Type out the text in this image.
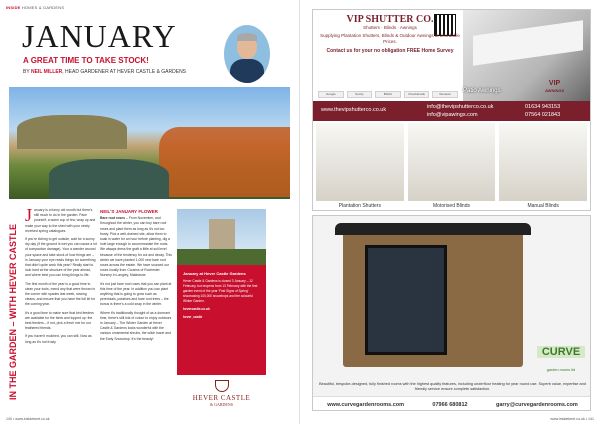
INSIDE HOMES & GARDENS
JANUARY
A GREAT TIME TO TAKE STOCK!
BY NEIL MILLER, HEAD GARDENER AT HEVER CASTLE & GARDENS
IN THE GARDEN – WITH HEVER CASTLE

January is a funny old month but there's still much to do in the garden. Pace yourself, a warm cup of tea, wrap up and make your way to the shed with your newly received spring catalogues.

If you're itching to get outside, wait for a sunny dry day (if the ground is wet you can cause a lot of compaction damage). Your a wander around your space and take stock of how things are – in January your eye reads things for something that didn't quite work this year? Really start to look hard at the structure of the year ahead, and where best you can bring things to life.

The first month of the year is a good time to clean your tools, mend any that were thrown in the corner with spades last week, sowing cleans, and ensure that you have the full kit for the coming year.

It's a good time to make sure that bird feeders are available for the birds and topped up: the best feeders – if not, pick a fresh mix for our feathered friends.

If you haven't mulched, you can still. Now as long as it's not frosty.

NEIL'S JANUARY FLOWER

Bare root roses – From November, and throughout the winter, you can buy bare root roses and plant them as long as it's not too frosty. Pick a well-drained site, allow them to soak in water for an hour before planting, dig a hole large enough to accommodate the roots. We always dress the graft a little at soil level because of the tendency for cut and decay. This winter we have planted 1,000 new bare root roses across the estate. We have sourced our roses locally from Cousins of Rochester Nursery in Langley, Maidstone.

It's not just bare root roses that you can plant at this time of the year. In addition you can plant anything that is going to grow such as perennials, potatoes and bare root trees – the bonus is there's a cold snap in the winter.

Where it's traditionally thought of as a dormant time, there's still lots of colour to enjoy outdoors in January – The Winter Garden at Hever Castle & Gardens looks wonderful with the various ornamental shrubs, the witch hazel and the Early Snowdrop. It's the beauty!

January at Hever Castle Gardens
Hever Castle & Gardens is closed 3 January – 12 February, but reopens from 13 February with the first garden event of the year 'First Signs of Spring' showcasing 100,000 snowdrops and the colourful Winter Garden.
hevercastle.co.uk
hever_castle
HEVER CASTLE
& GARDENS
140 • www.insidekent.co.uk
Patio Awnings
VIP
AWNINGS
VIP SHUTTER CO.
Shutters · Blinds · Awnings
Supplying Plantation Shutters, Blinds & Outdoor Awnings at affordable Prices.
Contact us for your no obligation FREE Home Survey
Google	Somfy	BiSAV	Checkatrade	Reviews
www.thevipshutterco.co.uk	info@thevipshutterco.co.uk
info@vipawings.com
01634 943153
07564 021843
Plantation Shutters	Motorised Blinds	Manual Blinds
CURVE
garden rooms ltd
Beautiful, bespoke-designed, fully finished rooms with the highest quality features, including underfloor heating for year round use. Superb value, expertise and friendly service ensure complete satisfaction.
www.curvegardenrooms.com	07966 680812	garry@curvegardenrooms.com
www.insidekent.co.uk • 141
